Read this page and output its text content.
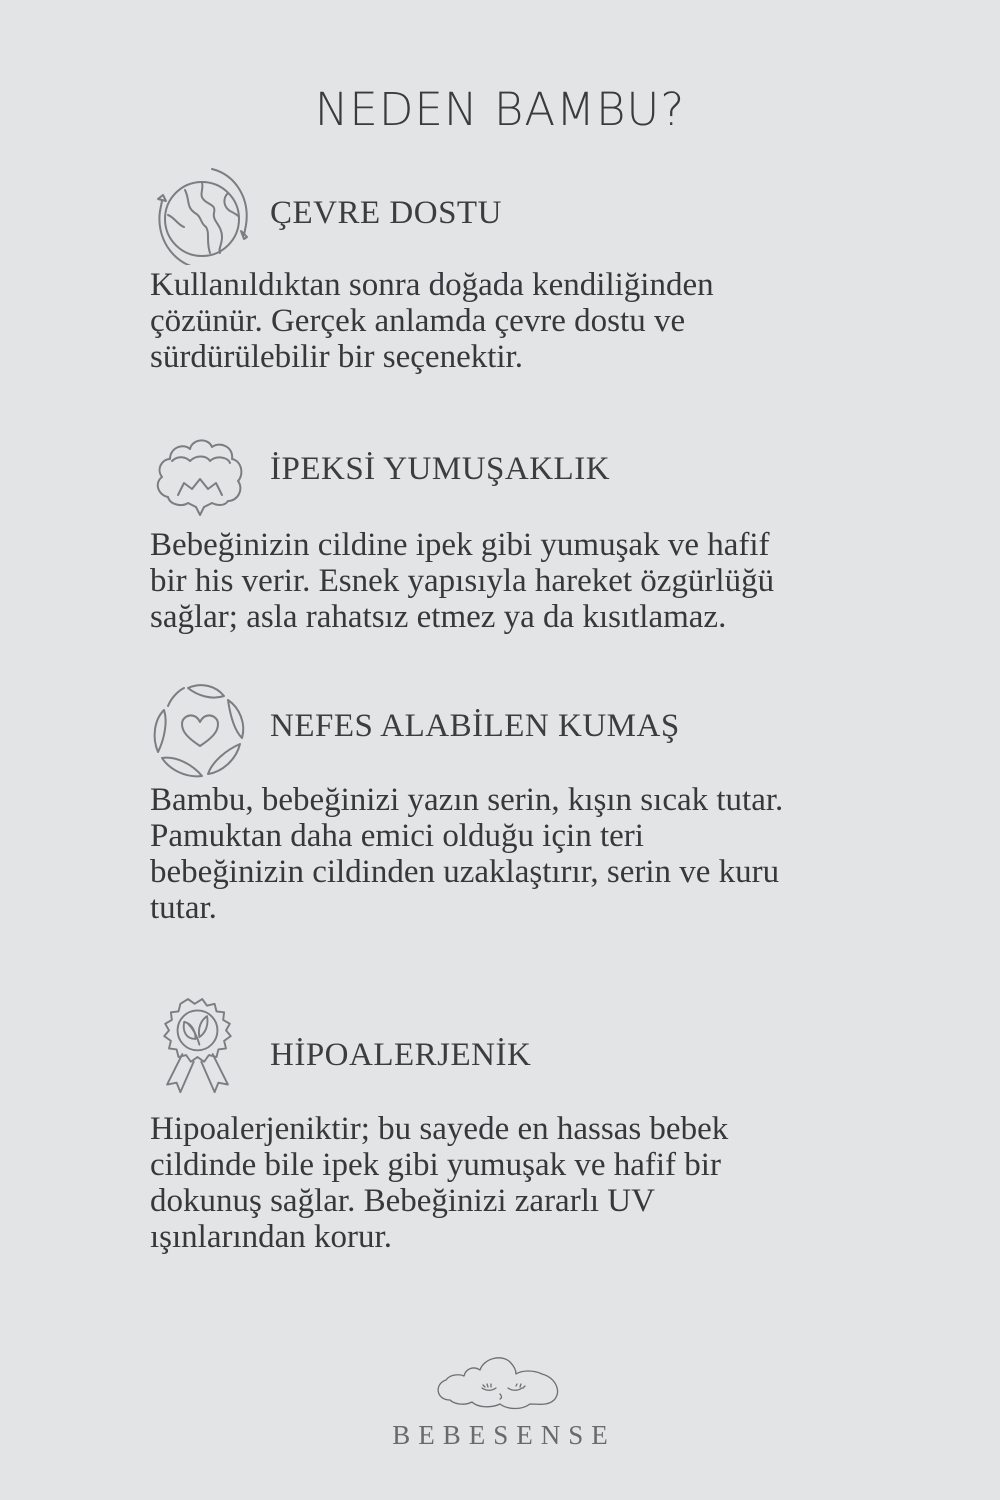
NEDEN BAMBU?
ÇEVRE DOSTU
Kullanıldıktan sonra doğada kendiliğinden
çözünür. Gerçek anlamda çevre dostu ve
sürdürülebilir bir seçenektir.
İPEKSİ YUMUŞAKLIK
Bebeğinizin cildine ipek gibi yumuşak ve hafif
bir his verir. Esnek yapısıyla hareket özgürlüğü
sağlar; asla rahatsız etmez ya da kısıtlamaz.
NEFES ALABİLEN KUMAŞ
Bambu, bebeğinizi yazın serin, kışın sıcak tutar.
Pamuktan daha emici olduğu için teri
bebeğinizin cildinden uzaklaştırır, serin ve kuru
tutar.
HİPOALERJENİK
Hipoalerjeniktir; bu sayede en hassas bebek
cildinde bile ipek gibi yumuşak ve hafif bir
dokunuş sağlar. Bebeğinizi zararlı UV
ışınlarından korur.
BEBESENSE
